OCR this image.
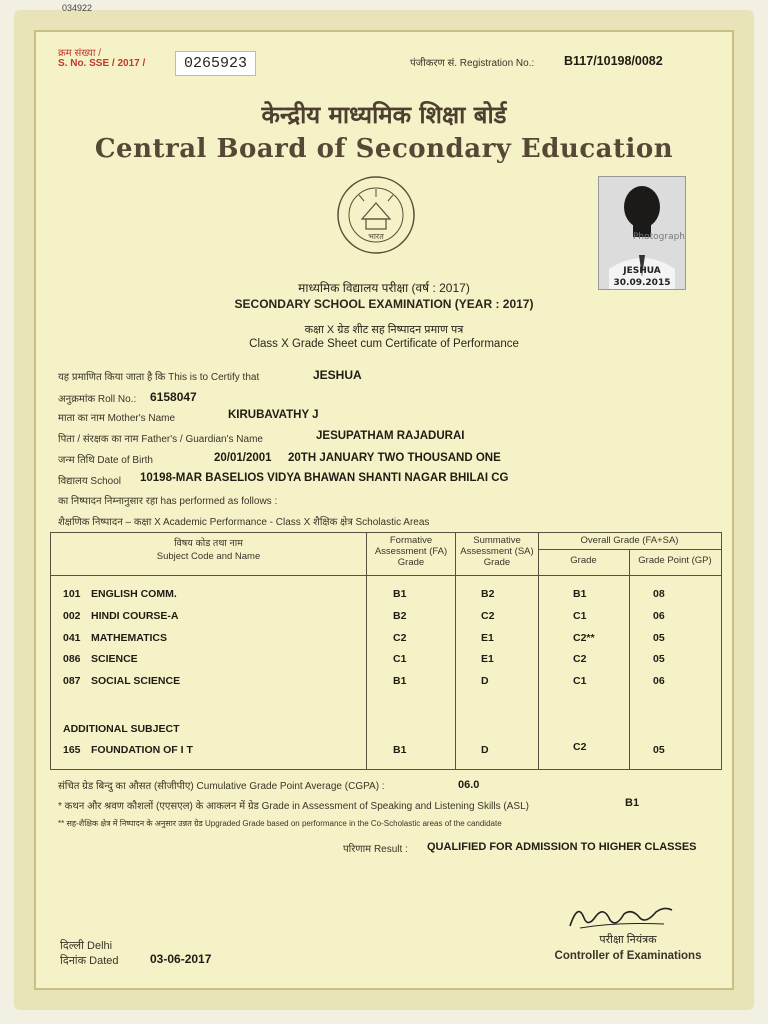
034922
क्रम संख्या /
S. No. SSE / 2017 /	0265923	पंजीकरण सं. Registration No.: B117/10198/0082
केन्द्रीय माध्यमिक शिक्षा बोर्ड
Central Board of Secondary Education
भारत	Photograph
JESHUA
30.09.2015
माध्यमिक विद्यालय परीक्षा (वर्ष : 2017)
SECONDARY SCHOOL EXAMINATION (YEAR : 2017)
कक्षा X ग्रेड शीट सह निष्पादन प्रमाण पत्र
Class X Grade Sheet cum Certificate of Performance
यह प्रमाणित किया जाता है कि This is to Certify that	JESHUA
अनुक्रमांक Roll No.: 6158047
माता का नाम Mother's Name	KIRUBAVATHY J
पिता / संरक्षक का नाम Father's / Guardian's Name	JESUPATHAM RAJADURAI
जन्म तिथि Date of Birth	20/01/2001 20TH JANUARY TWO THOUSAND ONE
विद्यालय School 10198-MAR BASELIOS VIDYA BHAWAN SHANTI NAGAR BHILAI CG
का निष्पादन निम्नानुसार रहा has performed as follows :
शैक्षणिक निष्पादन – कक्षा X Academic Performance - Class X शैक्षिक क्षेत्र Scholastic Areas
विषय कोड तथा नाम
Subject Code and Name
Formative Assessment (FA) Grade
Summative Assessment (SA) Grade
Overall Grade (FA+SA)
Grade	Grade Point (GP)
101 ENGLISH COMM.	B1	B2	B1	08
002 HINDI COURSE-A	B2	C2	C1	06
041 MATHEMATICS	C2	E1	C2**	05
086 SCIENCE	C1	E1	C2	05
087 SOCIAL SCIENCE	B1	D	C1	06
ADDITIONAL SUBJECT
165 FOUNDATION OF I T	B1	D	C2	05
संचित ग्रेड बिन्दु का औसत (सीजीपीए) Cumulative Grade Point Average (CGPA) :	06.0
* कथन और श्रवण कौशलों (एएसएल) के आकलन में ग्रेड Grade in Assessment of Speaking and Listening Skills (ASL)	B1
** सह-शैक्षिक क्षेत्र में निष्पादन के अनुसार उन्नत ग्रेड Upgraded Grade based on performance in the Co-Scholastic areas of the candidate
परिणाम Result : QUALIFIED FOR ADMISSION TO HIGHER CLASSES
परीक्षा नियंत्रक
Controller of Examinations
दिल्ली Delhi
दिनांक Dated	03-06-2017
